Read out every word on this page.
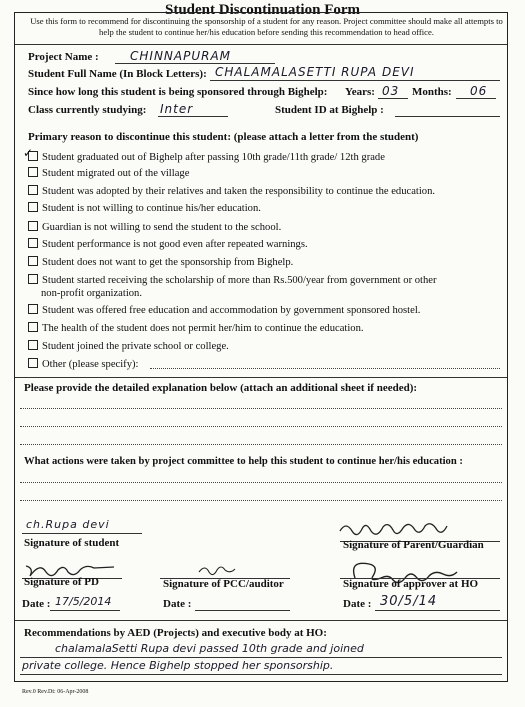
Student Discontinuation Form
Use this form to recommend for discontinuing the sponsorship of a student for any reason. Project committee should make all attempts to help the student to continue her/his education before sending this recommendation to head office.
Project Name :	CHINNAPURAM
Student Full Name (In Block Letters): CHALAMALASETTI RUPA DEVI
Since how long this student is being sponsored through Bighelp: Years: 03 Months: 06
Class currently studying: Inter	Student ID at Bighelp :
Primary reason to discontinue this student: (please attach a letter from the student)
✓ Student graduated out of Bighelp after passing 10th grade/11th grade/ 12th grade
Student migrated out of the village
Student was adopted by their relatives and taken the responsibility to continue the education.
Student is not willing to continue his/her education.
Guardian is not willing to send the student to the school.
Student performance is not good even after repeated warnings.
Student does not want to get the sponsorship from Bighelp.
Student started receiving the scholarship of more than Rs.500/year from government or other
Student was offered free education and accommodation by government sponsored hostel.
The health of the student does not permit her/him to continue the education.
Student joined the private school or college.
Other (please specify):
non-profit organization.
Please provide the detailed explanation below (attach an additional sheet if needed):
What actions were taken by project committee to help this student to continue her/his education :
ch.Rupa devi
Signature of student	Signature of Parent/Guardian
Signature of PD	Signature of PCC/auditor	Signature of approver at HO
Date : 17/5/2014	Date :	Date : 30/5/14
Recommendations by AED (Projects) and executive body at HO:
chalamalaSetti Rupa devi passed 10th grade and joined
private college. Hence Bighelp stopped her sponsorship.
Rev.0 Rev.Dt: 06-Apr-2008
